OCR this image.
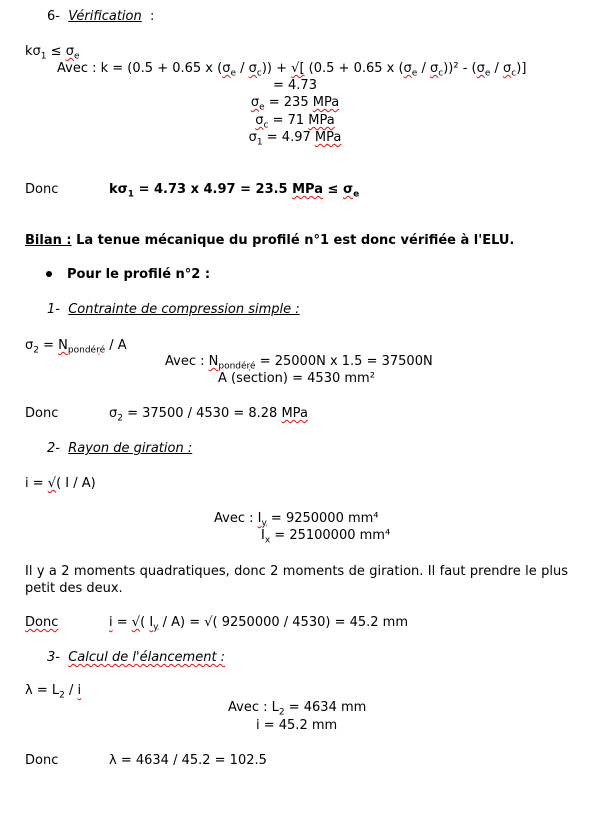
6- Vérification :
$k\sigma_1 \le \sigma_e$
Avec : k = (0.5 + 0.65 x $(\sigma_e / \sigma_c)$) + √[ (0.5 + 0.65 x $(\sigma_e / \sigma_c))^2 - (\sigma_e / \sigma_c)$]
= 4.73
$\sigma_e = 235$ MPa
$\sigma_c = 71$ MPa
$\sigma_1 = 4.97$ MPa
Donc	$k\sigma_1 = 4.73$ x 4.97 = 23.5 MPa ≤ $\sigma_e$
Bilan : La tenue mécanique du profilé n°1 est donc vérifiée à l'ELU.
Pour le profilé n°2 :
1- Contrainte de compression simple :
$\sigma_2 = N_{pondéré} / A$
Avec : $N_{pondéré} = 25000N$ x 1.5 = 37500N
A (section) = 4530 mm²
Donc	$\sigma_2 = 37500 / 4530 = 8.28$ MPa
2- Rayon de giration :
i = √( I / A)
Avec : $I_y = 9250000$ mm⁴
$I_x = 25100000$ mm⁴
Il y a 2 moments quadratiques, donc 2 moments de giration. Il faut prendre le plus petit des deux.
Donc	i = √( $I_y / A$) = √( 9250000 / 4530) = 45.2 mm
3- Calcul de l'élancement :
$\lambda = L_2 / i$
Avec : $L_2 = 4634$ mm
i = 45.2 mm
Donc	λ = 4634 / 45.2 = 102.5
